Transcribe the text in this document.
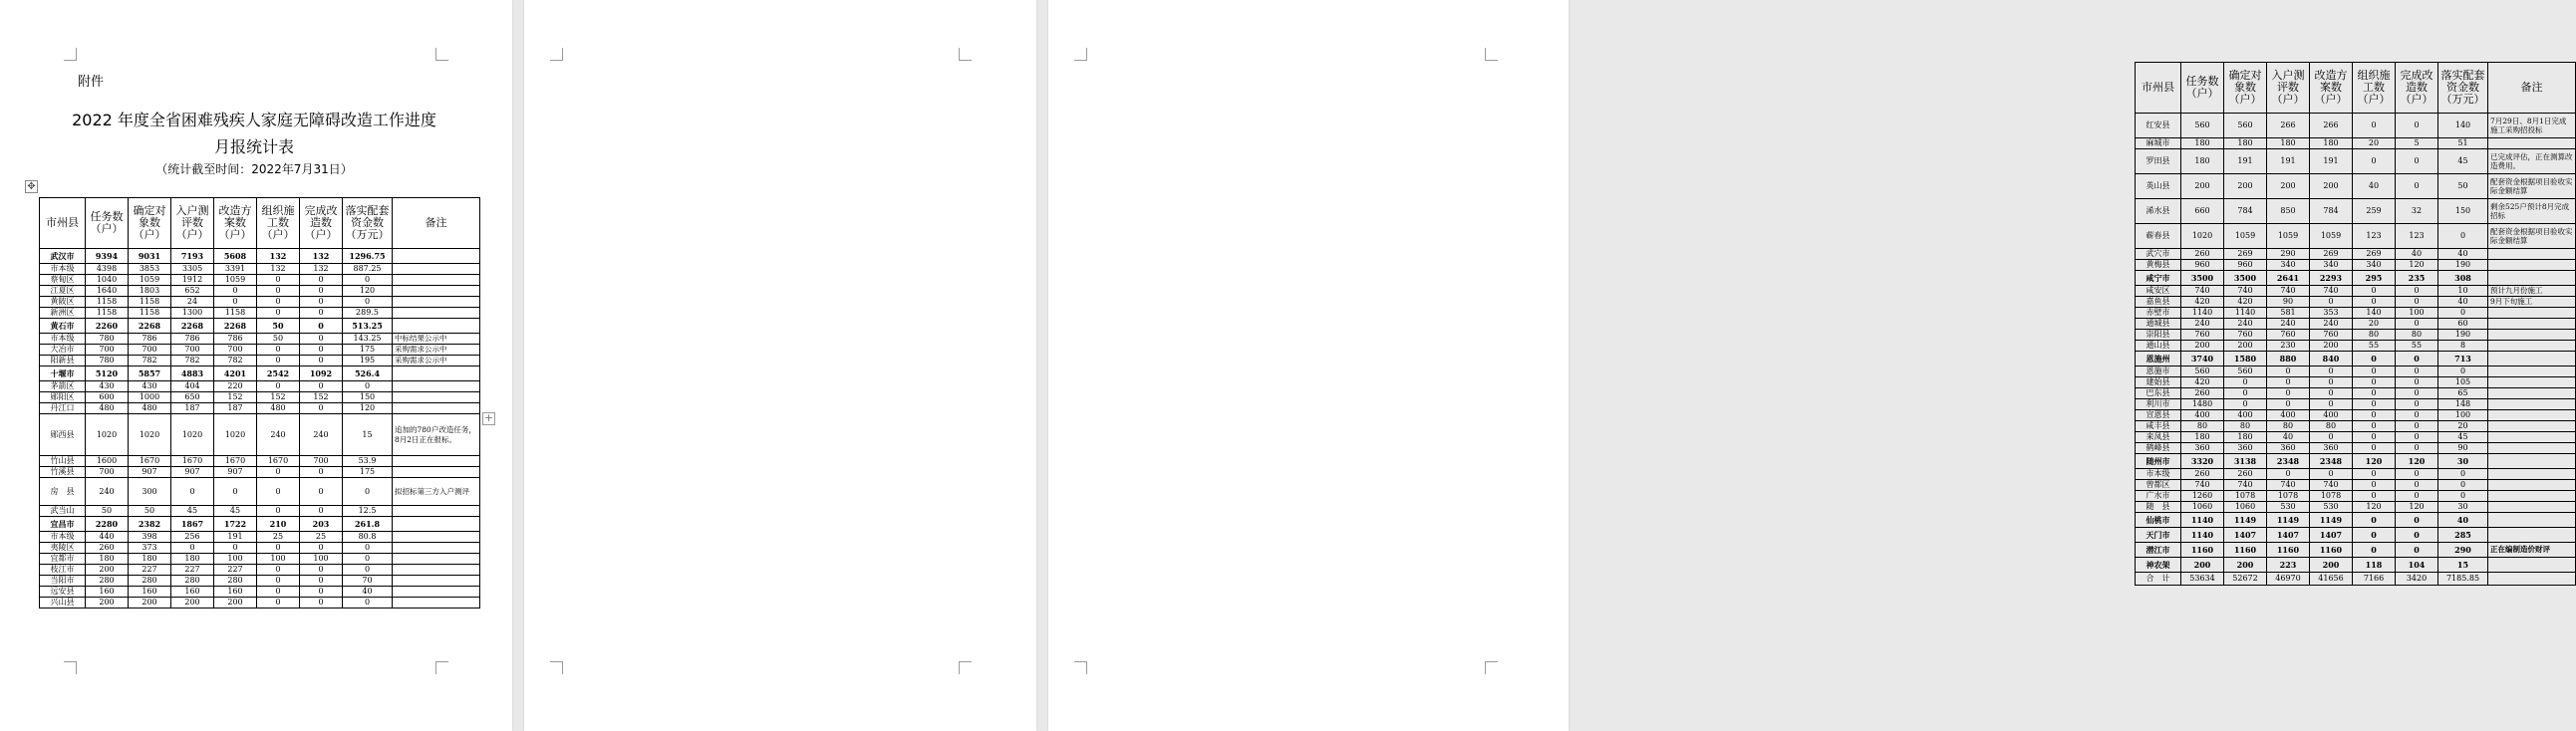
附件
2022 年度全省困难残疾人家庭无障碍改造工作进度
月报统计表
（统计截至时间：2022年7月31日）
✥
市州县	任务数（户）	确定对象数（户）	入户测评数（户）	改造方案数（户）	组织施工数（户）	完成改造数（户）	落实配套资金数（万元）	备注
武汉市	9394	9031	7193	5608	132	132	1296.75	
市本级	4398	3853	3305	3391	132	132	887.25	
蔡甸区	1040	1059	1912	1059	0	0	0	
江夏区	1640	1803	652	0	0	0	120	
黄陂区	1158	1158	24	0	0	0	0	
新洲区	1158	1158	1300	1158	0	0	289.5	
黄石市	2260	2268	2268	2268	50	0	513.25	
市本级	780	786	786	786	50	0	143.25	中标结果公示中
大冶市	700	700	700	700	0	0	175	采购需求公示中
阳新县	780	782	782	782	0	0	195	采购需求公示中
十堰市	5120	5857	4883	4201	2542	1092	526.4	
茅箭区	430	430	404	220	0	0	0	
郧阳区	600	1000	650	152	152	152	150	
丹江口	480	480	187	187	480	0	120	
郧西县	1020	1020	1020	1020	240	240	15	追加的780户改造任务，8月2日正在报标。
竹山县	1600	1670	1670	1670	1670	700	53.9	
竹溪县	700	907	907	907	0	0	175	
房　县	240	300	0	0	0	0	0	拟招标第三方入户测评
武当山	50	50	45	45	0	0	12.5	
宜昌市	2280	2382	1867	1722	210	203	261.8	
市本级	440	398	256	191	25	25	80.8	
夷陵区	260	373	0	0	0	0	0	
宜都市	180	180	180	100	100	100	0	
枝江市	200	227	227	227	0	0	0	
当阳市	280	280	280	280	0	0	70	
远安县	160	160	160	160	0	0	40	
兴山县	200	200	200	200	0	0	0	

市州县	任务数（户）	确定对象数（户）	入户测评数（户）	改造方案数（户）	组织施工数（户）	完成改造数（户）	落实配套资金数（万元）	备注
红安县	560	560	266	266	0	0	140	7月29日、8月1日完成施工采购招投标
麻城市	180	180	180	180	20	5	51	
罗田县	180	191	191	191	0	0	45	已完成评估，正在测算改造费用。
英山县	200	200	200	200	40	0	50	配套资金根据项目验收实际金额结算
浠水县	660	784	850	784	259	32	150	剩余525户预计8月完成招标
蕲春县	1020	1059	1059	1059	123	123	0	配套资金根据项目验收实际金额结算
武穴市	260	269	290	269	269	40	40	
黄梅县	960	960	340	340	340	120	190	
咸宁市	3500	3500	2641	2293	295	235	308	
咸安区	740	740	740	740	0	0	10	预计九月份施工
嘉鱼县	420	420	90	0	0	0	40	9月下旬施工
赤壁市	1140	1140	581	353	140	100	0	
通城县	240	240	240	240	20	0	60	
崇阳县	760	760	760	760	80	80	190	
通山县	200	200	230	200	55	55	8	
恩施州	3740	1580	880	840	0	0	713	
恩施市	560	560	0	0	0	0	0	
建始县	420	0	0	0	0	0	105	
巴东县	260	0	0	0	0	0	65	
利川市	1480	0	0	0	0	0	148	
宣恩县	400	400	400	400	0	0	100	
咸丰县	80	80	80	80	0	0	20	
来凤县	180	180	40	0	0	0	45	
鹤峰县	360	360	360	360	0	0	90	
随州市	3320	3138	2348	2348	120	120	30	
市本级	260	260	0	0	0	0	0	
曾都区	740	740	740	740	0	0	0	
广水市	1260	1078	1078	1078	0	0	0	
随　县	1060	1060	530	530	120	120	30	
仙桃市	1140	1149	1149	1149	0	0	40	
天门市	1140	1407	1407	1407	0	0	285	
潜江市	1160	1160	1160	1160	0	0	290	正在编制造价财评
神农架	200	200	223	200	118	104	15	
合　计	53634	52672	46970	41656	7166	3420	7185.85	
+
